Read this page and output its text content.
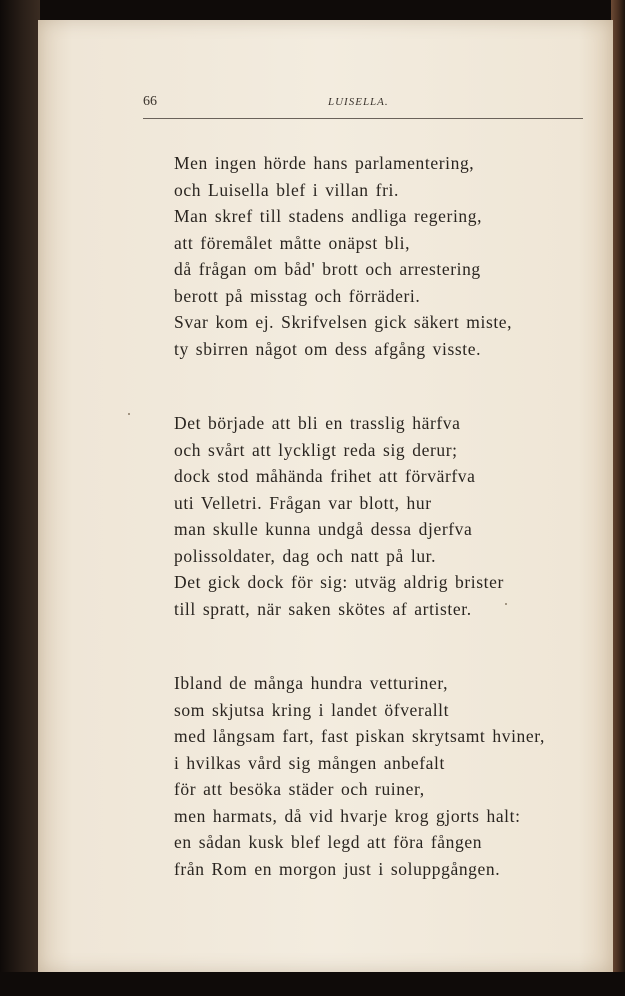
66	LUISELLA.
Men ingen hörde hans parlamentering,
och Luisella blef i villan fri.
Man skref till stadens andliga regering,
att föremålet måtte onäpst bli,
då frågan om båd' brott och arrestering
berott på misstag och förräderi.
Svar kom ej. Skrifvelsen gick säkert miste,
ty sbirren något om dess afgång visste.
Det började att bli en trasslig härfva
och svårt att lyckligt reda sig derur;
dock stod måhända frihet att förvärfva
uti Velletri. Frågan var blott, hur
man skulle kunna undgå dessa djerfva
polissoldater, dag och natt på lur.
Det gick dock för sig: utväg aldrig brister
till spratt, när saken skötes af artister.
Ibland de många hundra vetturiner,
som skjutsa kring i landet öfverallt
med långsam fart, fast piskan skrytsamt hviner,
i hvilkas vård sig mången anbefalt
för att besöka städer och ruiner,
men harmats, då vid hvarje krog gjorts halt:
en sådan kusk blef legd att föra fången
från Rom en morgon just i soluppgången.
